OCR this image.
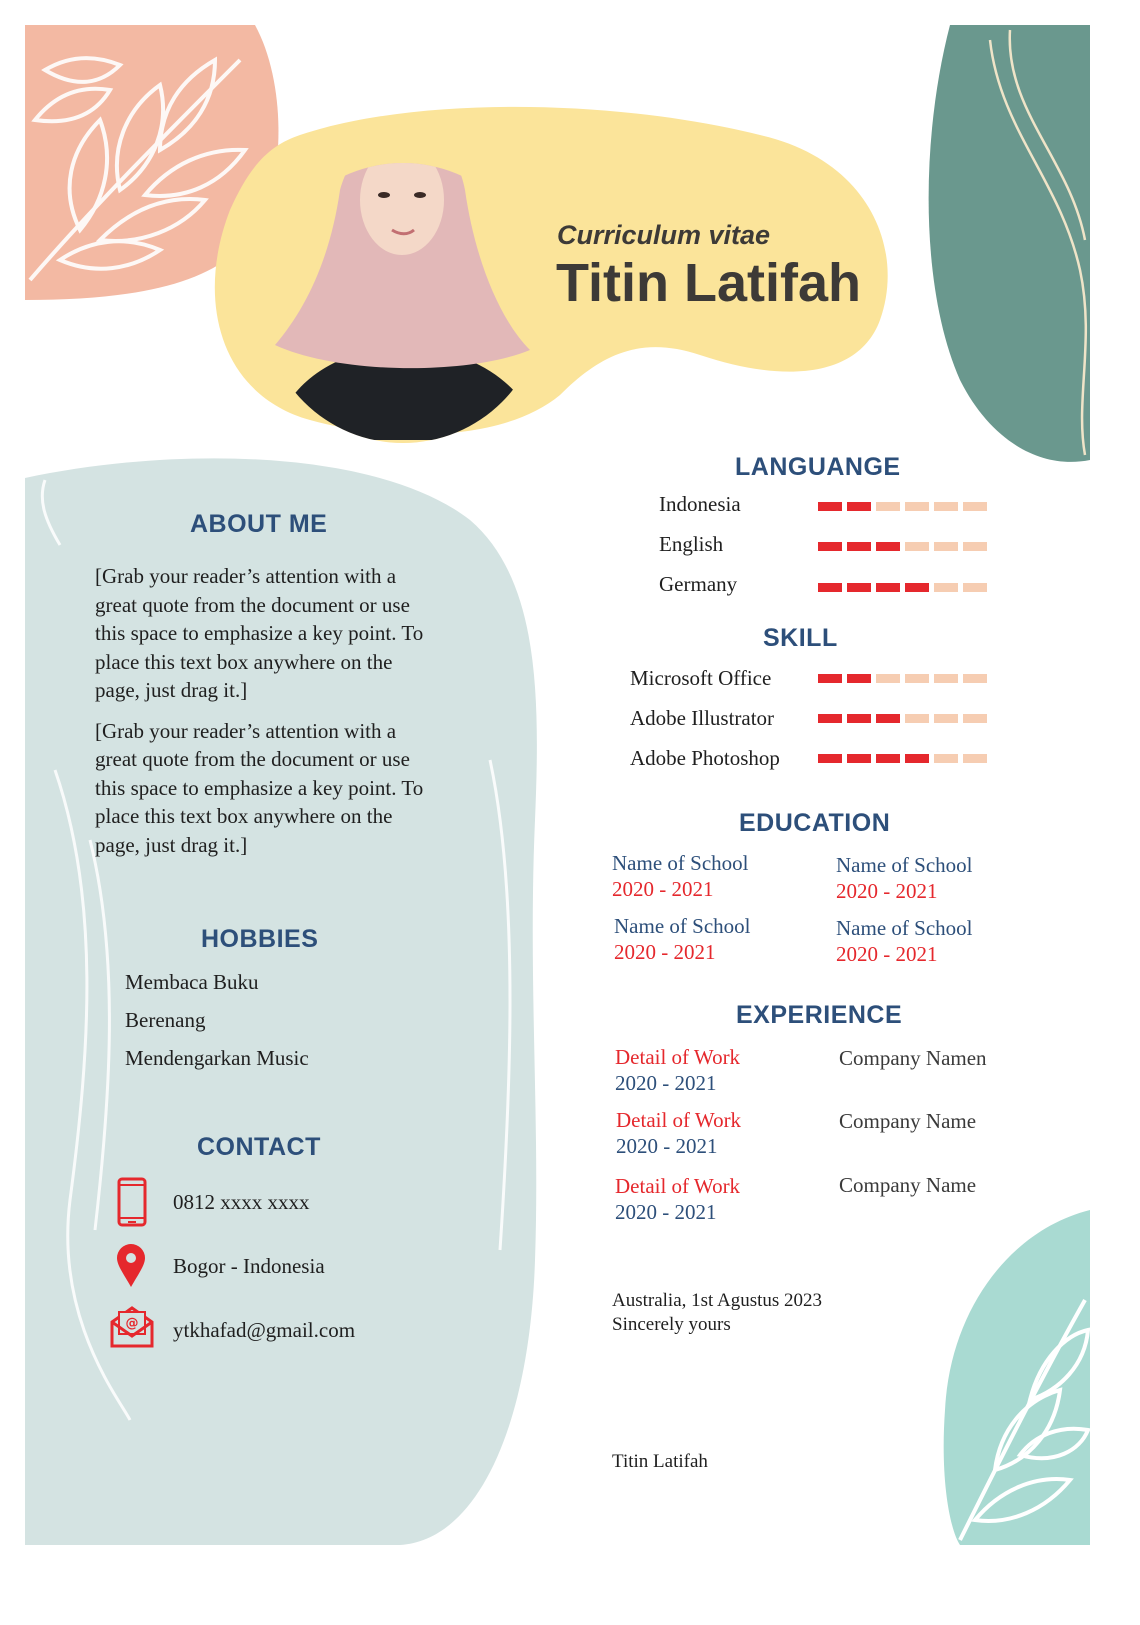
Curriculum vitae
Titin Latifah
ABOUT ME

[Grab your reader’s attention with a great quote from the document or use this space to emphasize a key point. To place this text box anywhere on the page, just drag it.]

[Grab your reader’s attention with a great quote from the document or use this space to emphasize a key point. To place this text box anywhere on the page, just drag it.]

HOBBIES
Membaca Buku
Berenang
Mendengarkan Music
CONTACT
0812 xxxx xxxx
Bogor - Indonesia
@ ytkhafad@gmail.com
LANGUANGE
Indonesia
English
Germany
SKILL
Microsoft Office
Adobe Illustrator
Adobe Photoshop
EDUCATION
Name of School
2020 - 2021
Name of School
2020 - 2021
Name of School
2020 - 2021
Name of School
2020 - 2021
EXPERIENCE
Detail of Work
2020 - 2021
Company Namen
Detail of Work
2020 - 2021
Company Name
Detail of Work
2020 - 2021
Company Name
Australia, 1st Agustus 2023
Sincerely yours
Titin Latifah
